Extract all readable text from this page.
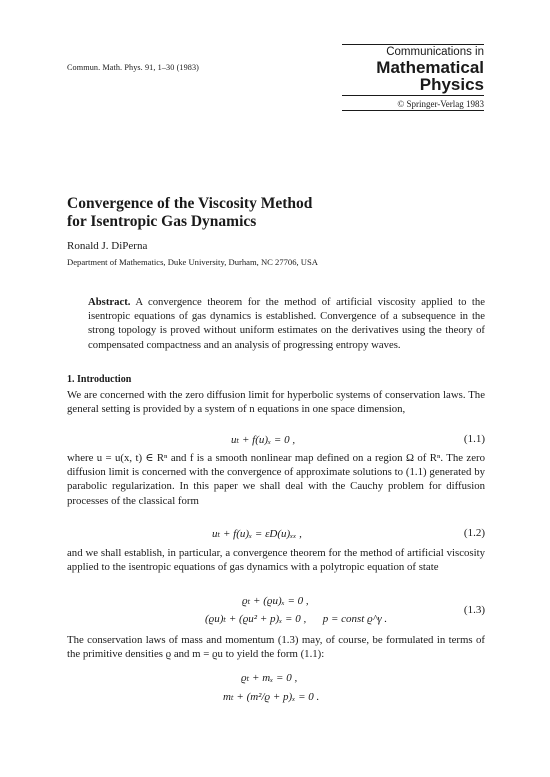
Commun. Math. Phys. 91, 1–30 (1983)
Communications in
Mathematical
Physics
© Springer-Verlag 1983
Convergence of the Viscosity Method
for Isentropic Gas Dynamics
Ronald J. DiPerna
Department of Mathematics, Duke University, Durham, NC 27706, USA
Abstract. A convergence theorem for the method of artificial viscosity applied to the isentropic equations of gas dynamics is established. Convergence of a subsequence in the strong topology is proved without uniform estimates on the derivatives using the theory of compensated compactness and an analysis of progressing entropy waves.
1. Introduction
We are concerned with the zero diffusion limit for hyperbolic systems of conservation laws. The general setting is provided by a system of n equations in one space dimension,
uₜ + f(u)ₓ = 0 ,	(1.1)
where u = u(x, t) ∈ Rⁿ and f is a smooth nonlinear map defined on a region Ω of Rⁿ. The zero diffusion limit is concerned with the convergence of approximate solutions to (1.1) generated by parabolic regularization. In this paper we shall deal with the Cauchy problem for diffusion processes of the classical form
uₜ + f(u)ₓ = εD(u)ₓₓ ,	(1.2)
and we shall establish, in particular, a convergence theorem for the method of artificial viscosity applied to the isentropic equations of gas dynamics with a polytropic equation of state
ϱₜ + (ϱu)ₓ = 0 ,
(ϱu)ₜ + (ϱu² + p)ₓ = 0 ,      p = const ϱ^γ .
(1.3)
The conservation laws of mass and momentum (1.3) may, of course, be formulated in terms of the primitive densities ϱ and m = ϱu to yield the form (1.1):
ϱₜ + mₓ = 0 ,
mₜ + (m²/ϱ + p)ₓ = 0 .
